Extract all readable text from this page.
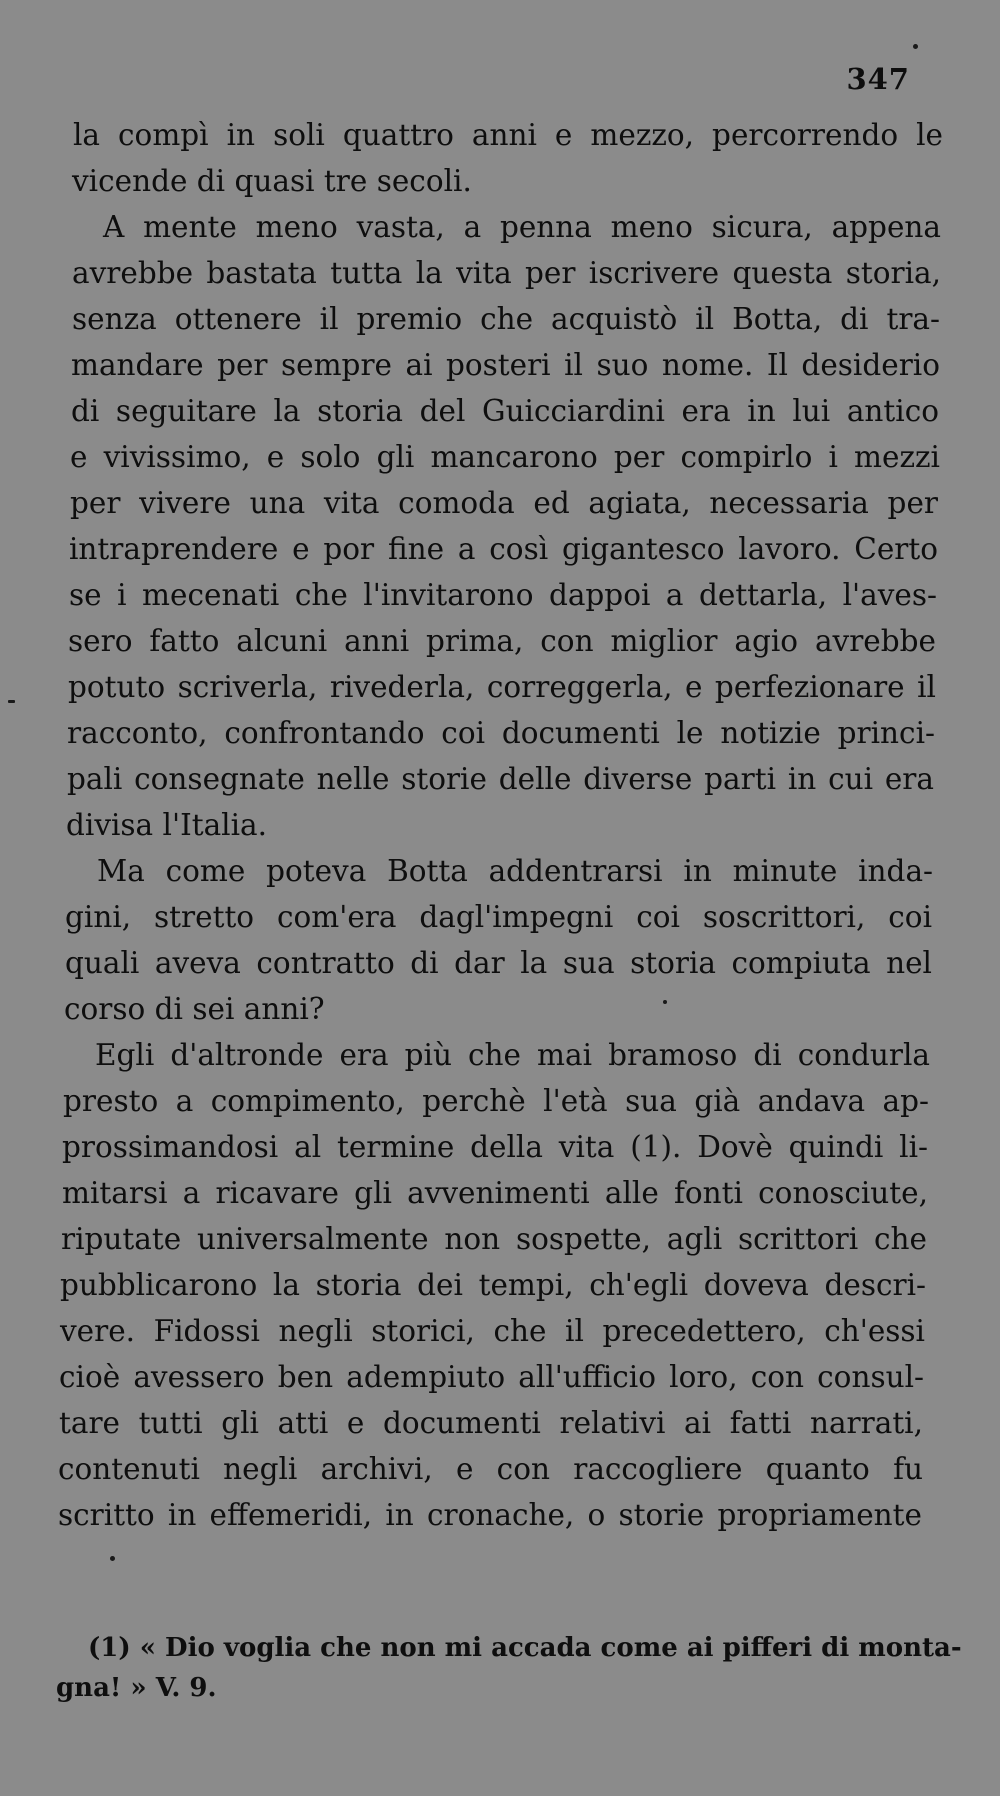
347
la compì in soli quattro anni e mezzo, percorrendo le
vicende di quasi tre secoli.
A mente meno vasta, a penna meno sicura, appena
avrebbe bastata tutta la vita per iscrivere questa storia,
senza ottenere il premio che acquistò il Botta, di tra-
mandare per sempre ai posteri il suo nome. Il desiderio
di seguitare la storia del Guicciardini era in lui antico
e vivissimo, e solo gli mancarono per compirlo i mezzi
per vivere una vita comoda ed agiata, necessaria per
intraprendere e por fine a così gigantesco lavoro. Certo
se i mecenati che l'invitarono dappoi a dettarla, l'aves-
sero fatto alcuni anni prima, con miglior agio avrebbe
potuto scriverla, rivederla, correggerla, e perfezionare il
racconto, confrontando coi documenti le notizie princi-
pali consegnate nelle storie delle diverse parti in cui era
divisa l'Italia.
Ma come poteva Botta addentrarsi in minute inda-
gini, stretto com'era dagl'impegni coi soscrittori, coi
quali aveva contratto di dar la sua storia compiuta nel
corso di sei anni?
Egli d'altronde era più che mai bramoso di condurla
presto a compimento, perchè l'età sua già andava ap-
prossimandosi al termine della vita (1). Dovè quindi li-
mitarsi a ricavare gli avvenimenti alle fonti conosciute,
riputate universalmente non sospette, agli scrittori che
pubblicarono la storia dei tempi, ch'egli doveva descri-
vere. Fidossi negli storici, che il precedettero, ch'essi
cioè avessero ben adempiuto all'ufficio loro, con consul-
tare tutti gli atti e documenti relativi ai fatti narrati,
contenuti negli archivi, e con raccogliere quanto fu
scritto in effemeridi, in cronache, o storie propriamente
(1) « Dio voglia che non mi accada come ai pifferi di monta-
gna! » V. 9.
